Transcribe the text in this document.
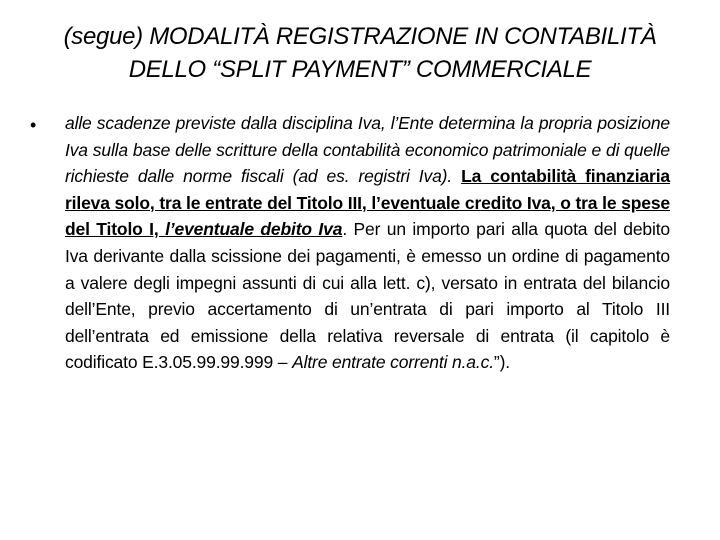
(segue) MODALITÀ REGISTRAZIONE IN CONTABILITÀ
DELLO “SPLIT PAYMENT” COMMERCIALE
• alle scadenze previste dalla disciplina Iva, l’Ente determina la propria posizione Iva sulla base delle scritture della contabilità economico patrimoniale e di quelle richieste dalle norme fiscali (ad es. registri Iva). La contabilità finanziaria rileva solo, tra le entrate del Titolo III, l’eventuale credito Iva, o tra le spese del Titolo I, l’eventuale debito Iva. Per un importo pari alla quota del debito Iva derivante dalla scissione dei pagamenti, è emesso un ordine di pagamento a valere degli impegni assunti di cui alla lett. c), versato in entrata del bilancio dell’Ente, previo accertamento di un’entrata di pari importo al Titolo III dell’entrata ed emissione della relativa reversale di entrata (il capitolo è codificato E.3.05.99.99.999 – Altre entrate correnti n.a.c.”).
